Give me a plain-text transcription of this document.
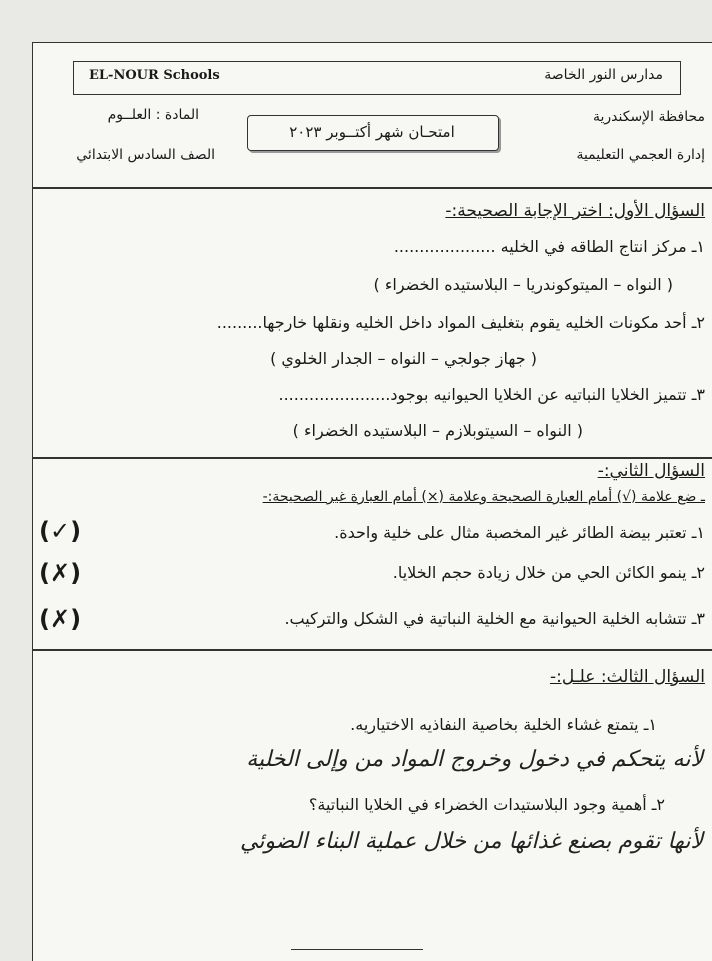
EL-NOUR Schools	مدارس النور الخاصة
محافظة الإسكندرية
إدارة العجمي التعليمية
المادة : العلــوم
الصف السادس الابتدائي
امتحـان شهر أكتــوبر ٢٠٢٣
السؤال الأول: اختر الإجابة الصحيحة:-
١ـ مركز انتاج الطاقه في الخليه ....................
( النواه – الميتوكوندريا – البلاستيده الخضراء )
٢ـ أحد مكونات الخليه يقوم بتغليف المواد داخل الخليه ونقلها خارجها.........
( جهاز جولجي – النواه – الجدار الخلوي )
٣ـ تتميز الخلايا النباتيه عن الخلايا الحيوانيه بوجود......................
( النواه – السيتوبلازم – البلاستيده الخضراء )
السؤال الثاني:-
ـ ضع علامة (√) أمام العبارة الصحيحة وعلامة (×) أمام العبارة غير الصحيحة:-
١ـ تعتبر بيضة الطائر غير المخصبة مثال على خلية واحدة.
(✓)
٢ـ ينمو الكائن الحي من خلال زيادة حجم الخلايا.
(✗)
٣ـ تتشابه الخلية الحيوانية مع الخلية النباتية في الشكل والتركيب.
(✗)
السؤال الثالث: علـل:-
١ـ يتمتع غشاء الخلية بخاصية النفاذيه الاختياريه.
لأنه يتحكم في دخول وخروج المواد من وإلى الخلية
٢ـ أهمية وجود البلاستيدات الخضراء في الخلايا النباتية؟
لأنها تقوم بصنع غذائها من خلال عملية البناء الضوئي
